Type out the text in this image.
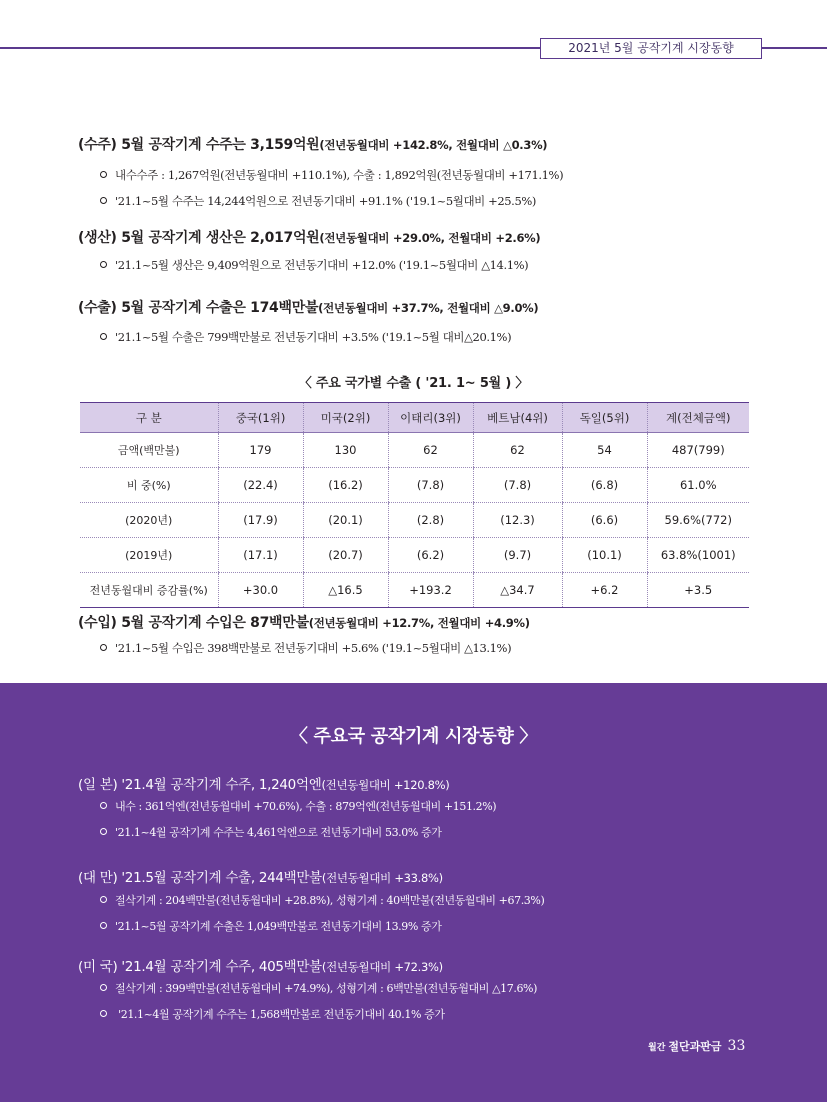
2021년 5월 공작기계 시장동향
(수주) 5월 공작기계 수주는 3,159억원(전년동월대비 +142.8%, 전월대비 △0.3%)
내수수주 : 1,267억원(전년동월대비 +110.1%), 수출 : 1,892억원(전년동월대비 +171.1%)
'21.1~5월 수주는 14,244억원으로 전년동기대비 +91.1% ('19.1~5월대비 +25.5%)
(생산) 5월 공작기계 생산은 2,017억원(전년동월대비 +29.0%, 전월대비 +2.6%)
'21.1~5월 생산은 9,409억원으로 전년동기대비 +12.0% ('19.1~5월대비 △14.1%)
(수출) 5월 공작기계 수출은 174백만불(전년동월대비 +37.7%, 전월대비 △9.0%)
'21.1~5월 수출은 799백만불로 전년동기대비 +3.5% ('19.1~5월 대비△20.1%)
〈 주요 국가별 수출 ( '21. 1~ 5월 ) 〉
구 분	중국(1위)	미국(2위)	이태리(3위)	베트남(4위)	독일(5위)	계(전체금액)
금액(백만불)	179	130	62	62	54	487(799)
비 중(%)	(22.4)	(16.2)	(7.8)	(7.8)	(6.8)	61.0%
(2020년)	(17.9)	(20.1)	(2.8)	(12.3)	(6.6)	59.6%(772)
(2019년)	(17.1)	(20.7)	(6.2)	(9.7)	(10.1)	63.8%(1001)
전년동월대비 증감률(%)	+30.0	△16.5	+193.2	△34.7	+6.2	+3.5
(수입) 5월 공작기계 수입은 87백만불(전년동월대비 +12.7%, 전월대비 +4.9%)
'21.1~5월 수입은 398백만불로 전년동기대비 +5.6% ('19.1~5월대비 △13.1%)
〈 주요국 공작기계 시장동향 〉
(일 본) '21.4월 공작기계 수주, 1,240억엔(전년동월대비 +120.8%)
내수 : 361억엔(전년동월대비 +70.6%), 수출 : 879억엔(전년동월대비 +151.2%)
'21.1~4월 공작기계 수주는 4,461억엔으로 전년동기대비 53.0% 증가
(대 만) '21.5월 공작기계 수출, 244백만불(전년동월대비 +33.8%)
절삭기계 : 204백만불(전년동월대비 +28.8%), 성형기계 : 40백만불(전년동월대비 +67.3%)
'21.1~5월 공작기계 수출은 1,049백만불로 전년동기대비 13.9% 증가
(미 국) '21.4월 공작기계 수주, 405백만불(전년동월대비 +72.3%)
절삭기계 : 399백만불(전년동월대비 +74.9%), 성형기계 : 6백만불(전년동월대비 △17.6%)
'21.1~4월 공작기계 수주는 1,568백만불로 전년동기대비 40.1% 증가
월간 절단과판금 33
